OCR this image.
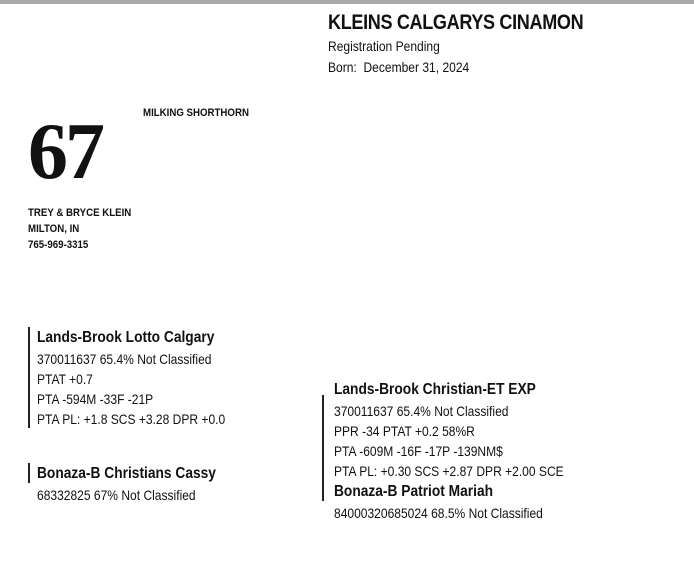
KLEINS CALGARYS CINAMON
Registration Pending
Born: December 31, 2024
MILKING SHORTHORN
67
TREY & BRYCE KLEIN
MILTON, IN
765-969-3315
Lands-Brook Lotto Calgary
370011637 65.4% Not Classified
PTAT +0.7
PTA -594M -33F -21P
PTA PL: +1.8 SCS +3.28 DPR +0.0
Bonaza-B Christians Cassy
68332825 67% Not Classified
Lands-Brook Christian-ET EXP
370011637 65.4% Not Classified
PPR -34 PTAT +0.2 58%R
PTA -609M -16F -17P -139NM$
PTA PL: +0.30 SCS +2.87 DPR +2.00 SCE
Bonaza-B Patriot Mariah
84000320685024 68.5% Not Classified
